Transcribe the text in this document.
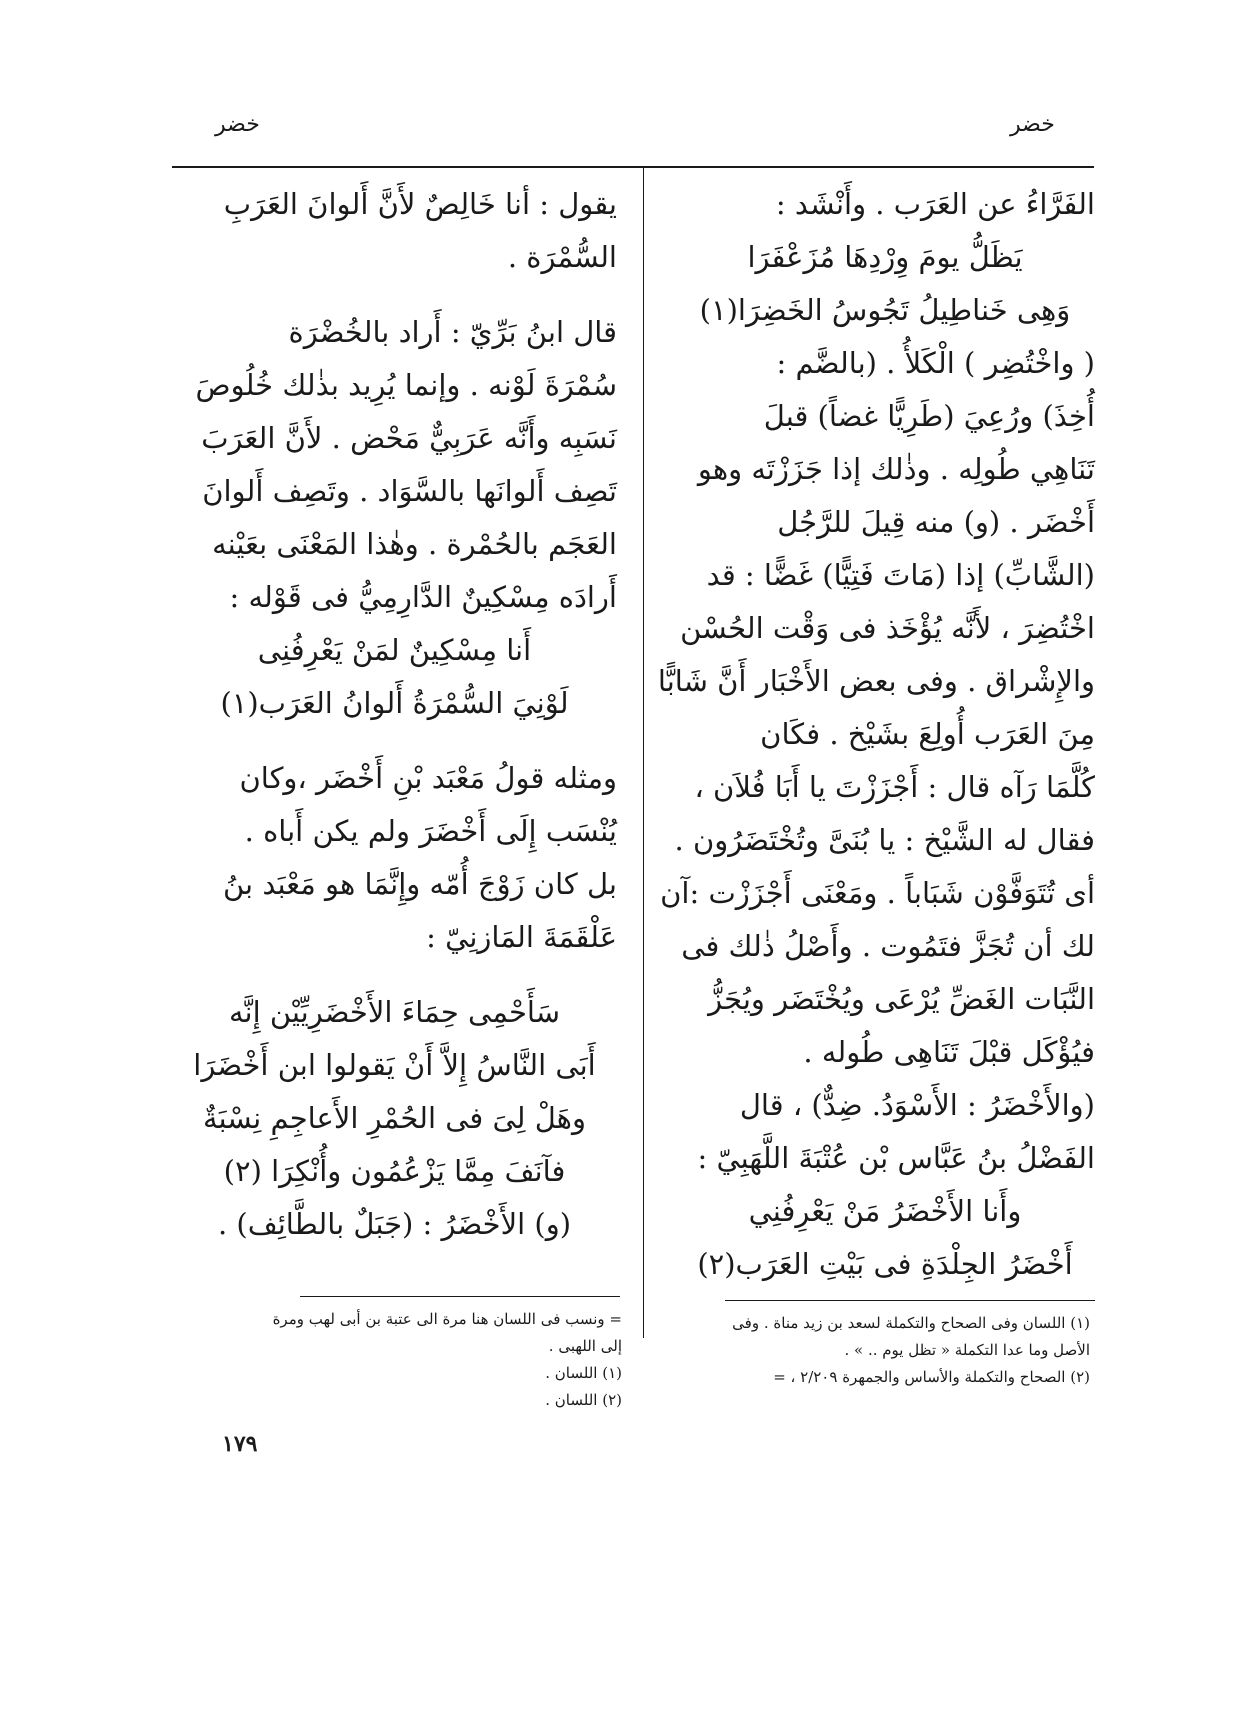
خضر
خضر

الفَرَّاءُ عن العَرَب . وأَنْشَد :

يَظَلُّ يومَ وِرْدِهَا مُزَعْفَرَا

وَهِى خَناطِيلُ تَجُوسُ الخَضِرَا(١)

( واخْتُضِر ) الْكَلأُ . (بالضَّم :

أُخِذَ) ورُعِيَ (طَرِيًّا غضاً) قبلَ

تَنَاهِي طُولِه . وذٰلك إذا جَزَزْتَه وهو

أَخْضَر . (و) منه قِيلَ للرَّجُل

(الشَّابِّ) إذا (مَاتَ فَتِيًّا) غَضًّا : قد

اخْتُضِرَ ، لأَنَّه يُؤْخَذ فى وَقْت الحُسْن

والإِشْراق . وفى بعض الأَخْبَار أَنَّ شَابًّا

مِنَ العَرَب أُولِعَ بشَيْخ . فكَان

كُلَّمَا رَآه قال : أَجْزَزْتَ يا أَبَا فُلاَن ،

فقال له الشَّيْخ : يا بُنَىَّ وتُخْتَضَرُون .

أى تُتَوَفَّوْن شَبَاباً . ومَعْنَى أَجْزَزْت :آن

لك أن تُجَزَّ فتَمُوت . وأَصْلُ ذٰلك فى

النَّبَات الغَضِّ يُرْعَى ويُخْتَضَر ويُجَزُّ

فيُؤْكَل قبْلَ تَنَاهِى طُوله .

(والأَخْضَرُ : الأَسْوَدُ. ضِدٌّ) ، قال

الفَضْلُ بنُ عَبَّاس بْن عُتْبَةَ اللَّهَبِيّ :

وأَنا الأَخْضَرُ مَنْ يَعْرِفُنِي

أَخْضَرُ الجِلْدَةِ فى بَيْتِ العَرَب(٢)

يقول : أنا خَالِصٌ لأَنَّ أَلوانَ العَرَبِ

السُّمْرَة .

قال ابنُ بَرِّيّ : أَراد بالخُضْرَة

سُمْرَةَ لَوْنه . وإنما يُرِيد بذٰلك خُلُوصَ

نَسَبِه وأَنَّه عَرَبِيٌّ مَحْض . لأَنَّ العَرَبَ

تَصِف أَلوانَها بالسَّوَاد . وتَصِف أَلوانَ

العَجَم بالحُمْرة . وهٰذا المَعْنَى بعَيْنه

أَرادَه مِسْكِينٌ الدَّارِمِيُّ فى قَوْله :

أَنا مِسْكِينٌ لمَنْ يَعْرِفُنِى

لَوْنِيَ السُّمْرَةُ أَلوانُ العَرَب(١)

ومثله قولُ مَعْبَد بْنِ أَخْضَر ،وكان

يُنْسَب إِلَى أَخْضَرَ ولم يكن أَباه .

بل كان زَوْجَ أُمّه وإِنَّمَا هو مَعْبَد بنُ

عَلْقَمَةَ المَازنِيّ :

سَأَحْمِى حِمَاءَ الأَخْضَرِيِّيْن إِنَّه

أَبَى النَّاسُ إِلاَّ أَنْ يَقولوا ابن أَخْضَرَا

وهَلْ لِىَ فى الحُمْرِ الأَعاجِمِ نِسْبَةٌ

فآنَفَ مِمَّا يَزْعُمُون وأُنْكِرَا (٢)

(و) الأَخْضَرُ : (جَبَلٌ بالطَّائِف) .

(١) اللسان وفى الصحاح والتكملة لسعد بن زيد مناة . وفى

الأصل وما عدا التكملة « تظل يوم .. » .

(٢) الصحاح والتكملة والأساس والجمهرة ٢/٢٠٩ ، =

= ونسب فى اللسان هنا مرة الى عتبة بن أبى لهب ومرة

إلى اللهبى .

(١) اللسان .

(٢) اللسان .

١٧٩
